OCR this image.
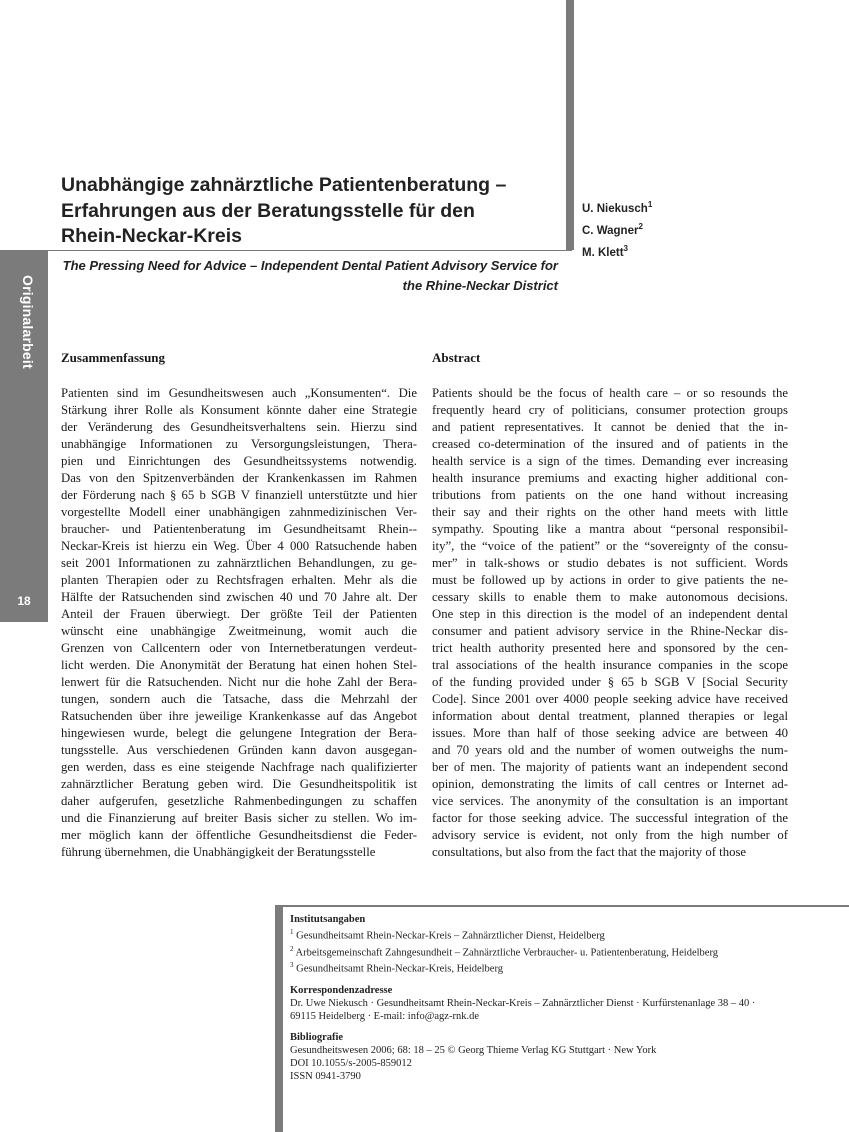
Originalarbeit
18
Unabhängige zahnärztliche Patientenberatung –
Erfahrungen aus der Beratungsstelle für den
Rhein-Neckar-Kreis
U. Niekusch$^1$
C. Wagner$^2$
M. Klett$^3$
The Pressing Need for Advice – Independent Dental Patient Advisory Service for
the Rhine-Neckar District
Zusammenfassung	Abstract
Patienten sind im Gesundheitswesen auch „Konsumenten“. Die
Stärkung ihrer Rolle als Konsument könnte daher eine Strategie
der Veränderung des Gesundheitsverhaltens sein. Hierzu sind
unabhängige Informationen zu Versorgungsleistungen, Thera-
pien und Einrichtungen des Gesundheitssystems notwendig.
Das von den Spitzenverbänden der Krankenkassen im Rahmen
der Förderung nach § 65 b SGB V finanziell unterstützte und hier
vorgestellte Modell einer unabhängigen zahnmedizinischen Ver-
braucher- und Patientenberatung im Gesundheitsamt Rhein--
Neckar-Kreis ist hierzu ein Weg. Über 4 000 Ratsuchende haben
seit 2001 Informationen zu zahnärztlichen Behandlungen, zu ge-
planten Therapien oder zu Rechtsfragen erhalten. Mehr als die
Hälfte der Ratsuchenden sind zwischen 40 und 70 Jahre alt. Der
Anteil der Frauen überwiegt. Der größte Teil der Patienten
wünscht eine unabhängige Zweitmeinung, womit auch die
Grenzen von Callcentern oder von Internetberatungen verdeut-
licht werden. Die Anonymität der Beratung hat einen hohen Stel-
lenwert für die Ratsuchenden. Nicht nur die hohe Zahl der Bera-
tungen, sondern auch die Tatsache, dass die Mehrzahl der
Ratsuchenden über ihre jeweilige Krankenkasse auf das Angebot
hingewiesen wurde, belegt die gelungene Integration der Bera-
tungsstelle. Aus verschiedenen Gründen kann davon ausgegan-
gen werden, dass es eine steigende Nachfrage nach qualifizierter
zahnärztlicher Beratung geben wird. Die Gesundheitspolitik ist
daher aufgerufen, gesetzliche Rahmenbedingungen zu schaffen
und die Finanzierung auf breiter Basis sicher zu stellen. Wo im-
mer möglich kann der öffentliche Gesundheitsdienst die Feder-
führung übernehmen, die Unabhängigkeit der Beratungsstelle
Patients should be the focus of health care – or so resounds the
frequently heard cry of politicians, consumer protection groups
and patient representatives. It cannot be denied that the in-
creased co-determination of the insured and of patients in the
health service is a sign of the times. Demanding ever increasing
health insurance premiums and exacting higher additional con-
tributions from patients on the one hand without increasing
their say and their rights on the other hand meets with little
sympathy. Spouting like a mantra about “personal responsibil-
ity”, the “voice of the patient” or the “sovereignty of the consu-
mer” in talk-shows or studio debates is not sufficient. Words
must be followed up by actions in order to give patients the ne-
cessary skills to enable them to make autonomous decisions.
One step in this direction is the model of an independent dental
consumer and patient advisory service in the Rhine-Neckar dis-
trict health authority presented here and sponsored by the cen-
tral associations of the health insurance companies in the scope
of the funding provided under § 65 b SGB V [Social Security
Code]. Since 2001 over 4000 people seeking advice have received
information about dental treatment, planned therapies or legal
issues. More than half of those seeking advice are between 40
and 70 years old and the number of women outweighs the num-
ber of men. The majority of patients want an independent second
opinion, demonstrating the limits of call centres or Internet ad-
vice services. The anonymity of the consultation is an important
factor for those seeking advice. The successful integration of the
advisory service is evident, not only from the high number of
consultations, but also from the fact that the majority of those
Institutsangaben
$^1$ Gesundheitsamt Rhein-Neckar-Kreis – Zahnärztlicher Dienst, Heidelberg
$^2$ Arbeitsgemeinschaft Zahngesundheit – Zahnärztliche Verbraucher- u. Patientenberatung, Heidelberg
$^3$ Gesundheitsamt Rhein-Neckar-Kreis, Heidelberg
Korrespondenzadresse
Dr. Uwe Niekusch · Gesundheitsamt Rhein-Neckar-Kreis – Zahnärztlicher Dienst · Kurfürstenanlage 38 – 40 ·
69115 Heidelberg · E-mail: info@agz-rnk.de
Bibliografie
Gesundheitswesen 2006; 68: 18 – 25 © Georg Thieme Verlag KG Stuttgart · New York
DOI 10.1055/s-2005-859012
ISSN 0941-3790
